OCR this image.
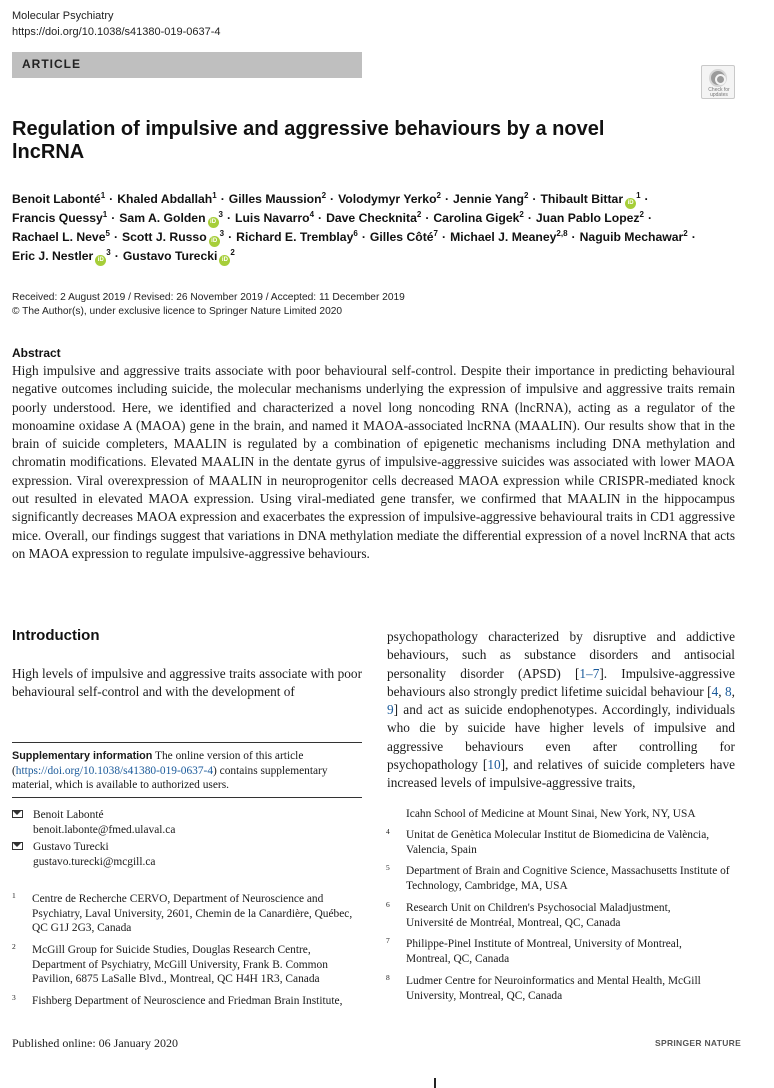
Molecular Psychiatry
https://doi.org/10.1038/s41380-019-0637-4
ARTICLE
Check for updates
Regulation of impulsive and aggressive behaviours by a novel
lncRNA
Benoit Labonté$^1$ · Khaled Abdallah$^1$ · Gilles Maussion$^2$ · Volodymyr Yerko$^2$ · Jennie Yang$^2$ · Thibault Bittar $iD^1$ ·
Francis Quessy$^1$ · Sam A. Golden $iD^3$ · Luis Navarro$^4$ · Dave Checknita$^2$ · Carolina Gigek$^2$ · Juan Pablo Lopez$^2$ ·
Rachael L. Neve$^5$ · Scott J. Russo $iD^3$ · Richard E. Tremblay$^6$ · Gilles Côté$^7$ · Michael J. Meaney$^{2,8}$ · Naguib Mechawar$^2$ ·
Eric J. Nestler $iD^3$ · Gustavo Turecki $iD^2$
Received: 2 August 2019 / Revised: 26 November 2019 / Accepted: 11 December 2019
© The Author(s), under exclusive licence to Springer Nature Limited 2020
Abstract
High impulsive and aggressive traits associate with poor behavioural self-control. Despite their importance in predicting behavioural negative outcomes including suicide, the molecular mechanisms underlying the expression of impulsive and aggressive traits remain poorly understood. Here, we identified and characterized a novel long noncoding RNA (lncRNA), acting as a regulator of the monoamine oxidase A (MAOA) gene in the brain, and named it MAOA-associated lncRNA (MAALIN). Our results show that in the brain of suicide completers, MAALIN is regulated by a combination of epigenetic mechanisms including DNA methylation and chromatin modifications. Elevated MAALIN in the dentate gyrus of impulsive-aggressive suicides was associated with lower MAOA expression. Viral overexpression of MAALIN in neuroprogenitor cells decreased MAOA expression while CRISPR-mediated knock out resulted in elevated MAOA expression. Using viral-mediated gene transfer, we confirmed that MAALIN in the hippocampus significantly decreases MAOA expression and exacerbates the expression of impulsive-aggressive behavioural traits in CD1 aggressive mice. Overall, our findings suggest that variations in DNA methylation mediate the differential expression of a novel lncRNA that acts on MAOA expression to regulate impulsive-aggressive behaviours.
Introduction
High levels of impulsive and aggressive traits associate with poor behavioural self-control and with the development of
psychopathology characterized by disruptive and addictive behaviours, such as substance disorders and antisocial personality disorder (APSD) [1–7]. Impulsive-aggressive behaviours also strongly predict lifetime suicidal behaviour [4, 8, 9] and act as suicide endophenotypes. Accordingly, individuals who die by suicide have higher levels of impulsive and aggressive behaviours even after controlling for psychopathology [10], and relatives of suicide completers have increased levels of impulsive-aggressive traits,
Supplementary information The online version of this article (https://doi.org/10.1038/s41380-019-0637-4) contains supplementary material, which is available to authorized users.
Benoit Labonté
benoit.labonte@fmed.ulaval.ca
Gustavo Turecki
gustavo.turecki@mcgill.ca
1 Centre de Recherche CERVO, Department of Neuroscience and Psychiatry, Laval University, 2601, Chemin de la Canardière, Québec, QC G1J 2G3, Canada
2 McGill Group for Suicide Studies, Douglas Research Centre, Department of Psychiatry, McGill University, Frank B. Common Pavilion, 6875 LaSalle Blvd., Montreal, QC H4H 1R3, Canada
3 Fishberg Department of Neuroscience and Friedman Brain Institute,
Icahn School of Medicine at Mount Sinai, New York, NY, USA
4 Unitat de Genètica Molecular Institut de Biomedicina de València, Valencia, Spain
5 Department of Brain and Cognitive Science, Massachusetts Institute of Technology, Cambridge, MA, USA
6 Research Unit on Children's Psychosocial Maladjustment, Université de Montréal, Montreal, QC, Canada
7 Philippe-Pinel Institute of Montreal, University of Montreal, Montreal, QC, Canada
8 Ludmer Centre for Neuroinformatics and Mental Health, McGill University, Montreal, QC, Canada
Published online: 06 January 2020	SPRINGER NATURE
